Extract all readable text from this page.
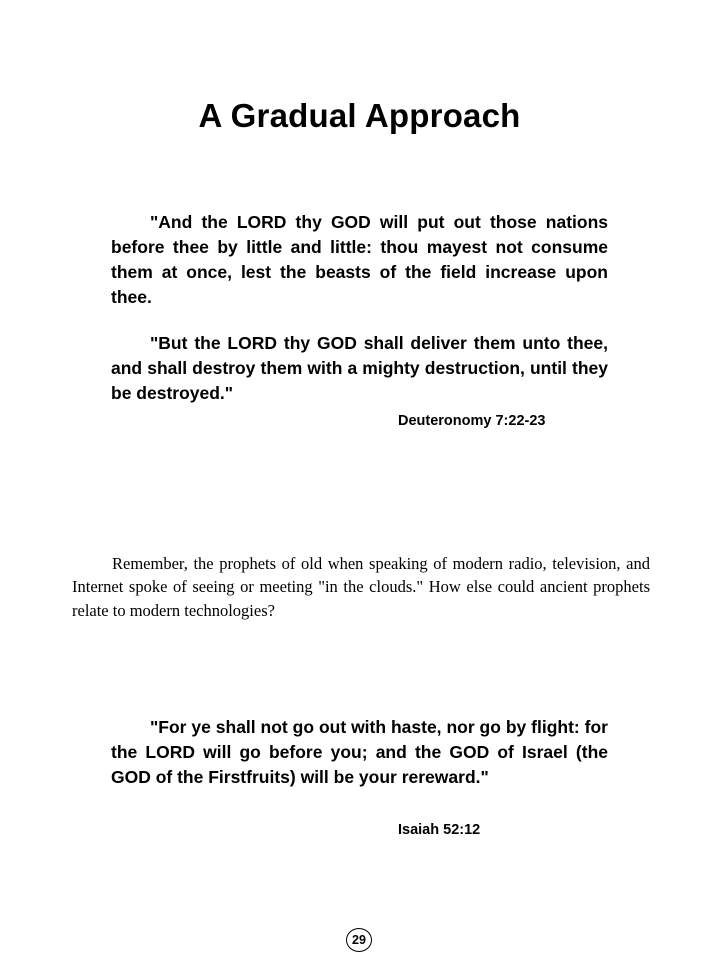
A Gradual Approach

"And the LORD thy GOD will put out those nations before thee by little and little: thou mayest not consume them at once, lest the beasts of the field increase upon thee.

"But the LORD thy GOD shall deliver them unto thee, and shall destroy them with a mighty destruction, until they be destroyed."

Deuteronomy 7:22-23

Remember, the prophets of old when speaking of modern radio, television, and Internet spoke of seeing or meeting "in the clouds." How else could ancient prophets relate to modern technologies?

"For ye shall not go out with haste, nor go by flight: for the LORD will go before you; and the GOD of Israel (the GOD of the Firstfruits) will be your rereward."

Isaiah 52:12
29
